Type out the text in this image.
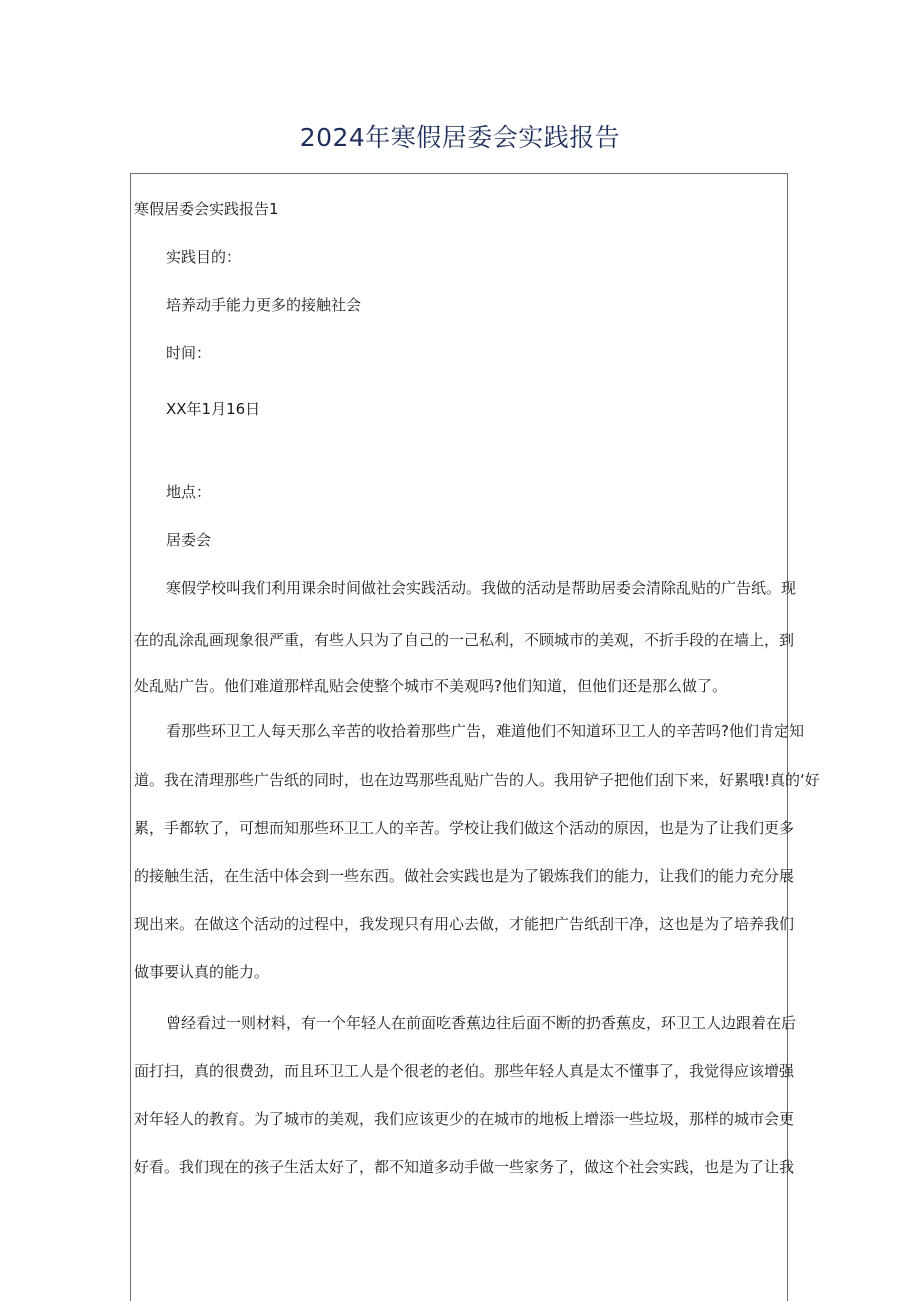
2024年寒假居委会实践报告
寒假居委会实践报告1
实践目的：
培养动手能力更多的接触社会
时间：
XX年1月16日
地点：
居委会
寒假学校叫我们利用课余时间做社会实践活动。我做的活动是帮助居委会清除乱贴的广告纸。现
在的乱涂乱画现象很严重，有些人只为了自己的一己私利，不顾城市的美观，不折手段的在墙上，到
处乱贴广告。他们难道那样乱贴会使整个城市不美观吗?他们知道，但他们还是那么做了。
看那些环卫工人每天那么辛苦的收拾着那些广告，难道他们不知道环卫工人的辛苦吗?他们肯定知
道。我在清理那些广告纸的同时，也在边骂那些乱贴广告的人。我用铲子把他们刮下来，好累哦!真的‘好
累，手都软了，可想而知那些环卫工人的辛苦。学校让我们做这个活动的原因，也是为了让我们更多
的接触生活，在生活中体会到一些东西。做社会实践也是为了锻炼我们的能力，让我们的能力充分展
现出来。在做这个活动的过程中，我发现只有用心去做，才能把广告纸刮干净，这也是为了培养我们
做事要认真的能力。
曾经看过一则材料，有一个年轻人在前面吃香蕉边往后面不断的扔香蕉皮，环卫工人边跟着在后
面打扫，真的很费劲，而且环卫工人是个很老的老伯。那些年轻人真是太不懂事了，我觉得应该增强
对年轻人的教育。为了城市的美观，我们应该更少的在城市的地板上增添一些垃圾，那样的城市会更
好看。我们现在的孩子生活太好了，都不知道多动手做一些家务了，做这个社会实践，也是为了让我
